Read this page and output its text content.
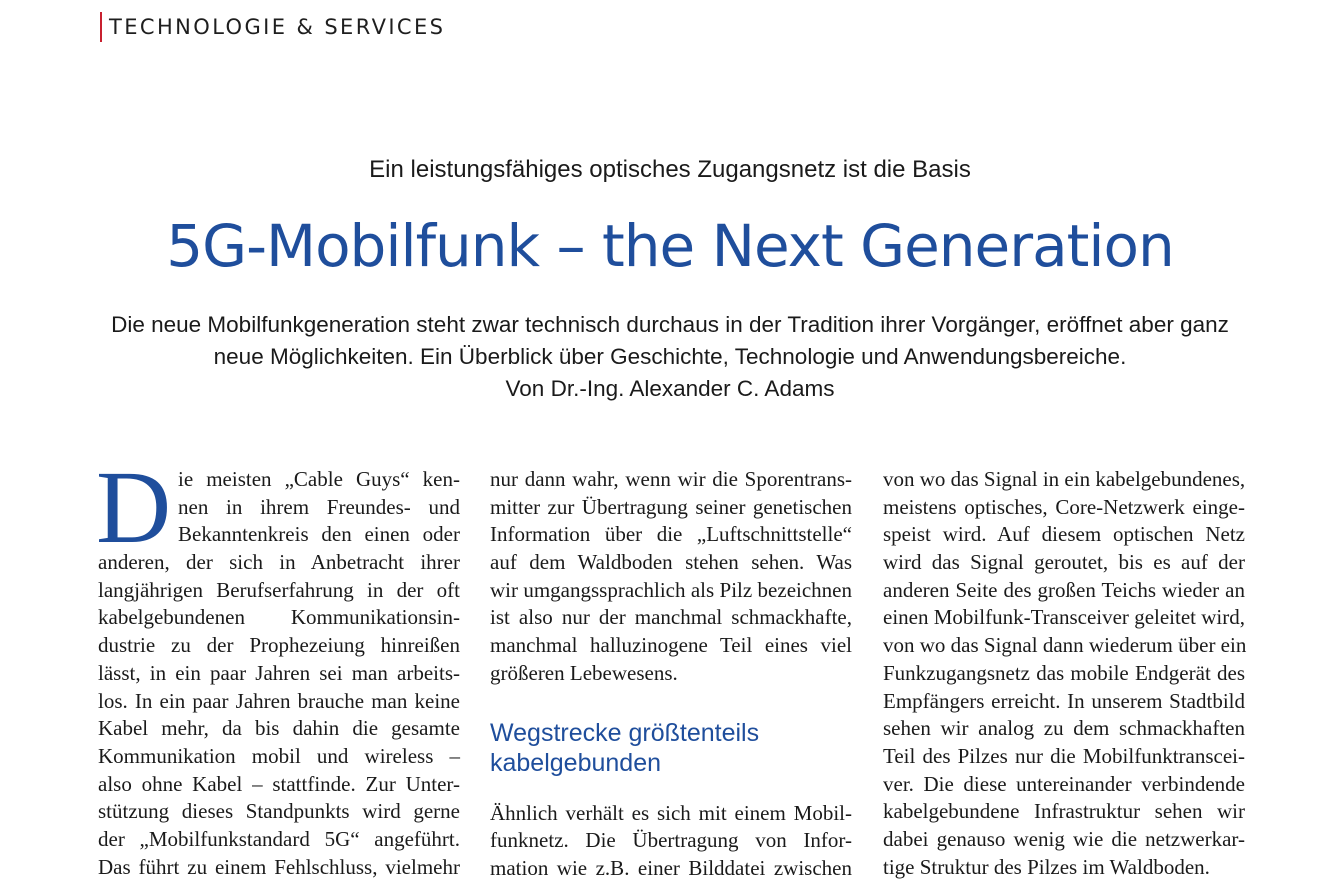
TECHNOLOGIE & SERVICES
Ein leistungsfähiges optisches Zugangsnetz ist die Basis
5G-Mobilfunk – the Next Generation
Die neue Mobilfunkgeneration steht zwar technisch durchaus in der Tradition ihrer Vorgänger, eröffnet aber ganz
neue Möglichkeiten. Ein Überblick über Geschichte, Technologie und Anwendungsbereiche.
Von Dr.-Ing. Alexander C. Adams
D ie meisten „Cable Guys“ ken-
nen in ihrem Freundes- und
Bekanntenkreis den einen oder
anderen, der sich in Anbetracht ihrer
langjährigen Berufserfahrung in der oft
kabelgebundenen Kommunikationsin-
dustrie zu der Prophezeiung hinreißen
lässt, in ein paar Jahren sei man arbeits-
los. In ein paar Jahren brauche man keine
Kabel mehr, da bis dahin die gesamte
Kommunikation mobil und wireless –
also ohne Kabel – stattfinde. Zur Unter-
stützung dieses Standpunkts wird gerne
der „Mobilfunkstandard 5G“ angeführt.
Das führt zu einem Fehlschluss, vielmehr
nur dann wahr, wenn wir die Sporentrans-
mitter zur Übertragung seiner genetischen
Information über die „Luftschnittstelle“
auf dem Waldboden stehen sehen. Was
wir umgangssprachlich als Pilz bezeichnen
ist also nur der manchmal schmackhafte,
manchmal halluzinogene Teil eines viel
größeren Lebewesens.
Wegstrecke größtenteils
kabelgebunden
Ähnlich verhält es sich mit einem Mobil-
funknetz. Die Übertragung von Infor-
mation wie z.B. einer Bilddatei zwischen
von wo das Signal in ein kabelgebundenes,
meistens optisches, Core-Netzwerk einge-
speist wird. Auf diesem optischen Netz
wird das Signal geroutet, bis es auf der
anderen Seite des großen Teichs wieder an
einen Mobilfunk-Transceiver geleitet wird,
von wo das Signal dann wiederum über ein
Funkzugangsnetz das mobile Endgerät des
Empfängers erreicht. In unserem Stadtbild
sehen wir analog zu dem schmackhaften
Teil des Pilzes nur die Mobilfunktranscei-
ver. Die diese untereinander verbindende
kabelgebundene Infrastruktur sehen wir
dabei genauso wenig wie die netzwerkar-
tige Struktur des Pilzes im Waldboden.
